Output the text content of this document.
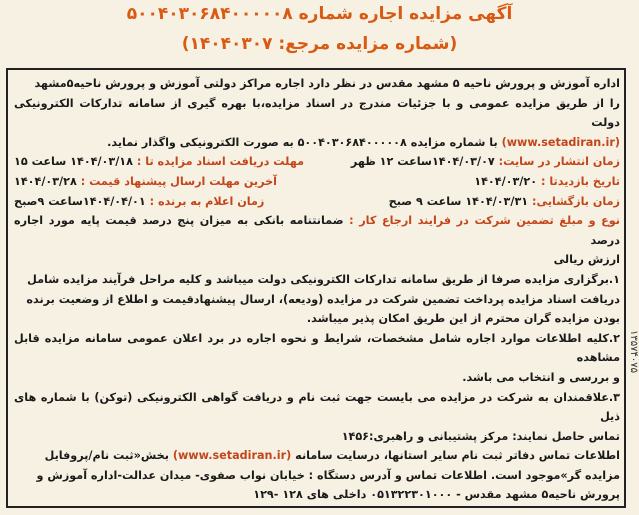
آگهی مزایده اجاره شماره ۵۰۰۴۰۳۰۶۸۴۰۰۰۰۰۸
(شماره مزایده مرجع: ۱۴۰۴۰۳۰۷)
۱۳۵۷۴۰۷۵

اداره آموزش و پرورش ناحیه ۵ مشهد مقدس در نظر دارد اجاره مراکز دولتی آموزش و پرورش ناحیه۵مشهد

را از طریق مزایده عمومی و با جزئیات مندرج در اسناد مزایده،با بهره گیری از سامانه تدارکات الکترونیکی دولت

(www.setadiran.ir) با شماره مزایده ۵۰۰۴۰۳۰۶۸۴۰۰۰۰۰۸ به صورت الکترونیکی واگذار نماید.

زمان انتشار در سایت: ۱۴۰۴/۰۳/۰۷ساعت ۱۲ ظهر
مهلت دریافت اسناد مزایده تا : ۱۴۰۴/۰۳/۱۸ ساعت ۱۵

تاریخ بازدیدتا : ۱۴۰۴/۰۳/۲۰
آخرین مهلت ارسال پیشنهاد قیمت : ۱۴۰۴/۰۳/۲۸

زمان بازگشایی: ۱۴۰۴/۰۳/۳۱ ساعت ۹ صبح
زمان اعلام به برنده : ۱۴۰۴/۰۴/۰۱ساعت ۹صبح

نوع و مبلغ تضمین شرکت در فرایند ارجاع کار : ضمانتنامه بانکی به میزان پنج درصد قیمت پایه مورد اجاره درصد

ارزش ریالی

۱.برگزاری مزایده صرفا از طریق سامانه تدارکات الکترونیکی دولت میباشد و کلیه مراحل فرآیند مزایده شامل

دریافت اسناد مزایده پرداخت تضمین شرکت در مزایده (ودیعه)، ارسال پیشنهادقیمت و اطلاع از وضعیت برنده

بودن مزایده گران محترم از این طریق امکان پذیر میباشد.

۲.کلیه اطلاعات موارد اجاره شامل مشخصات، شرایط و نحوه اجاره در برد اعلان عمومی سامانه مزایده قابل مشاهده

و بررسی و انتخاب می باشد.

۳.علاقمندان به شرکت در مزایده می بایست جهت ثبت نام و دریافت گواهی الکترونیکی (توکن) با شماره های ذیل

تماس حاصل نمایند: مرکز پشتیبانی و راهبری:۱۴۵۶

اطلاعات تماس دفاتر ثبت نام سایر استانها، درسایت سامانه (www.setadiran.ir) بخش«ثبت نام/پروفایل

مزایده گر»موجود است. اطلاعات تماس و آدرس دستگاه : خیابان نواب صفوی- میدان عدالت-اداره آموزش و

پرورش ناحیه۵ مشهد مقدس - ۰۵۱۳۲۲۳۰۱۰۰۰ داخلی های ۱۲۸ -۱۲۹
